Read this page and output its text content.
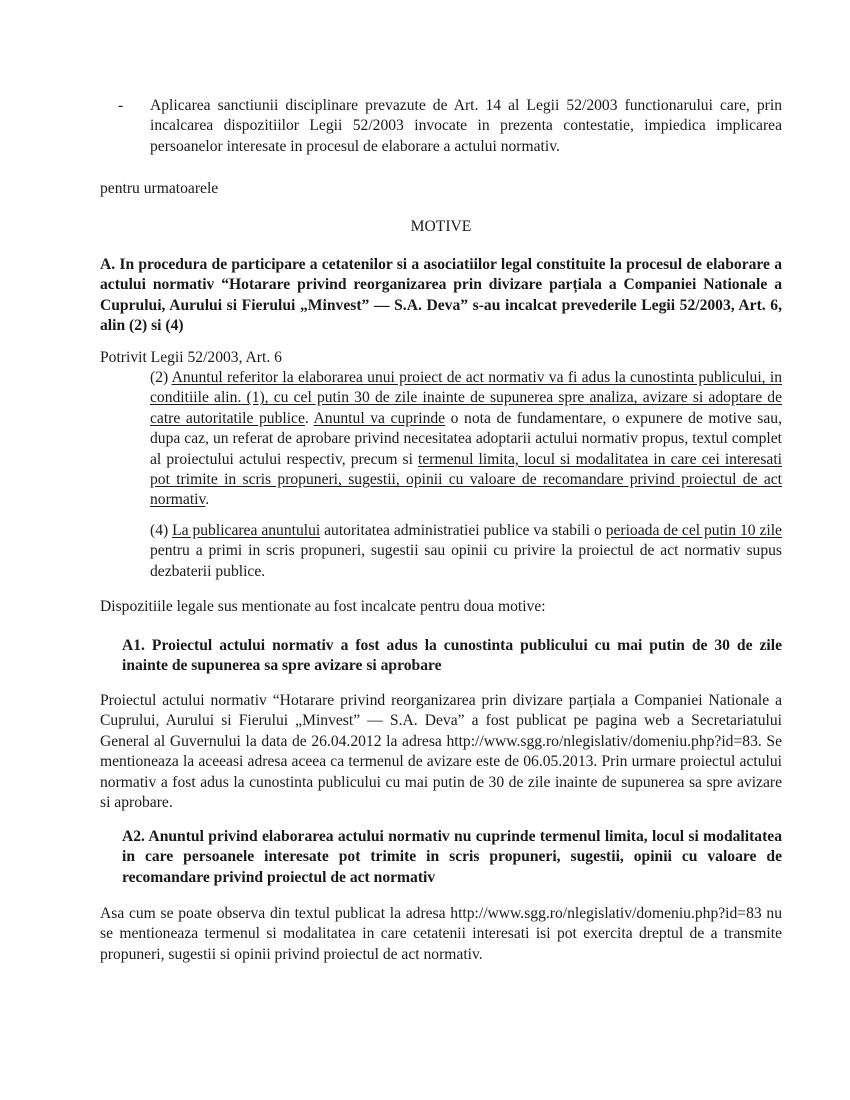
- Aplicarea sanctiunii disciplinare prevazute de Art. 14 al Legii 52/2003 functionarului care, prin incalcarea dispozitiilor Legii 52/2003 invocate in prezenta contestatie, impiedica implicarea persoanelor interesate in procesul de elaborare a actului normativ.
pentru urmatoarele
MOTIVE
A. In procedura de participare a cetatenilor si a asociatiilor legal constituite la procesul de elaborare a actului normativ “Hotarare privind reorganizarea prin divizare parțiala a Companiei Nationale a Cuprului, Aurului si Fierului „Minvest” — S.A. Deva” s-au incalcat prevederile Legii 52/2003, Art. 6, alin (2) si (4)
Potrivit Legii 52/2003, Art. 6
(2) Anuntul referitor la elaborarea unui proiect de act normativ va fi adus la cunostinta publicului, in conditiile alin. (1), cu cel putin 30 de zile inainte de supunerea spre analiza, avizare si adoptare de catre autoritatile publice. Anuntul va cuprinde o nota de fundamentare, o expunere de motive sau, dupa caz, un referat de aprobare privind necesitatea adoptarii actului normativ propus, textul complet al proiectului actului respectiv, precum si termenul limita, locul si modalitatea in care cei interesati pot trimite in scris propuneri, sugestii, opinii cu valoare de recomandare privind proiectul de act normativ.
(4) La publicarea anuntului autoritatea administratiei publice va stabili o perioada de cel putin 10 zile pentru a primi in scris propuneri, sugestii sau opinii cu privire la proiectul de act normativ supus dezbaterii publice.
Dispozitiile legale sus mentionate au fost incalcate pentru doua motive:
A1. Proiectul actului normativ a fost adus la cunostinta publicului cu mai putin de 30 de zile inainte de supunerea sa spre avizare si aprobare
Proiectul actului normativ “Hotarare privind reorganizarea prin divizare parțiala a Companiei Nationale a Cuprului, Aurului si Fierului „Minvest” — S.A. Deva” a fost publicat pe pagina web a Secretariatului General al Guvernului la data de 26.04.2012 la adresa http://www.sgg.ro/nlegislativ/domeniu.php?id=83. Se mentioneaza la aceeasi adresa aceea ca termenul de avizare este de 06.05.2013. Prin urmare proiectul actului normativ a fost adus la cunostinta publicului cu mai putin de 30 de zile inainte de supunerea sa spre avizare si aprobare.
A2. Anuntul privind elaborarea actului normativ nu cuprinde termenul limita, locul si modalitatea in care persoanele interesate pot trimite in scris propuneri, sugestii, opinii cu valoare de recomandare privind proiectul de act normativ
Asa cum se poate observa din textul publicat la adresa http://www.sgg.ro/nlegislativ/domeniu.php?id=83 nu se mentioneaza termenul si modalitatea in care cetatenii interesati isi pot exercita dreptul de a transmite propuneri, sugestii si opinii privind proiectul de act normativ.
